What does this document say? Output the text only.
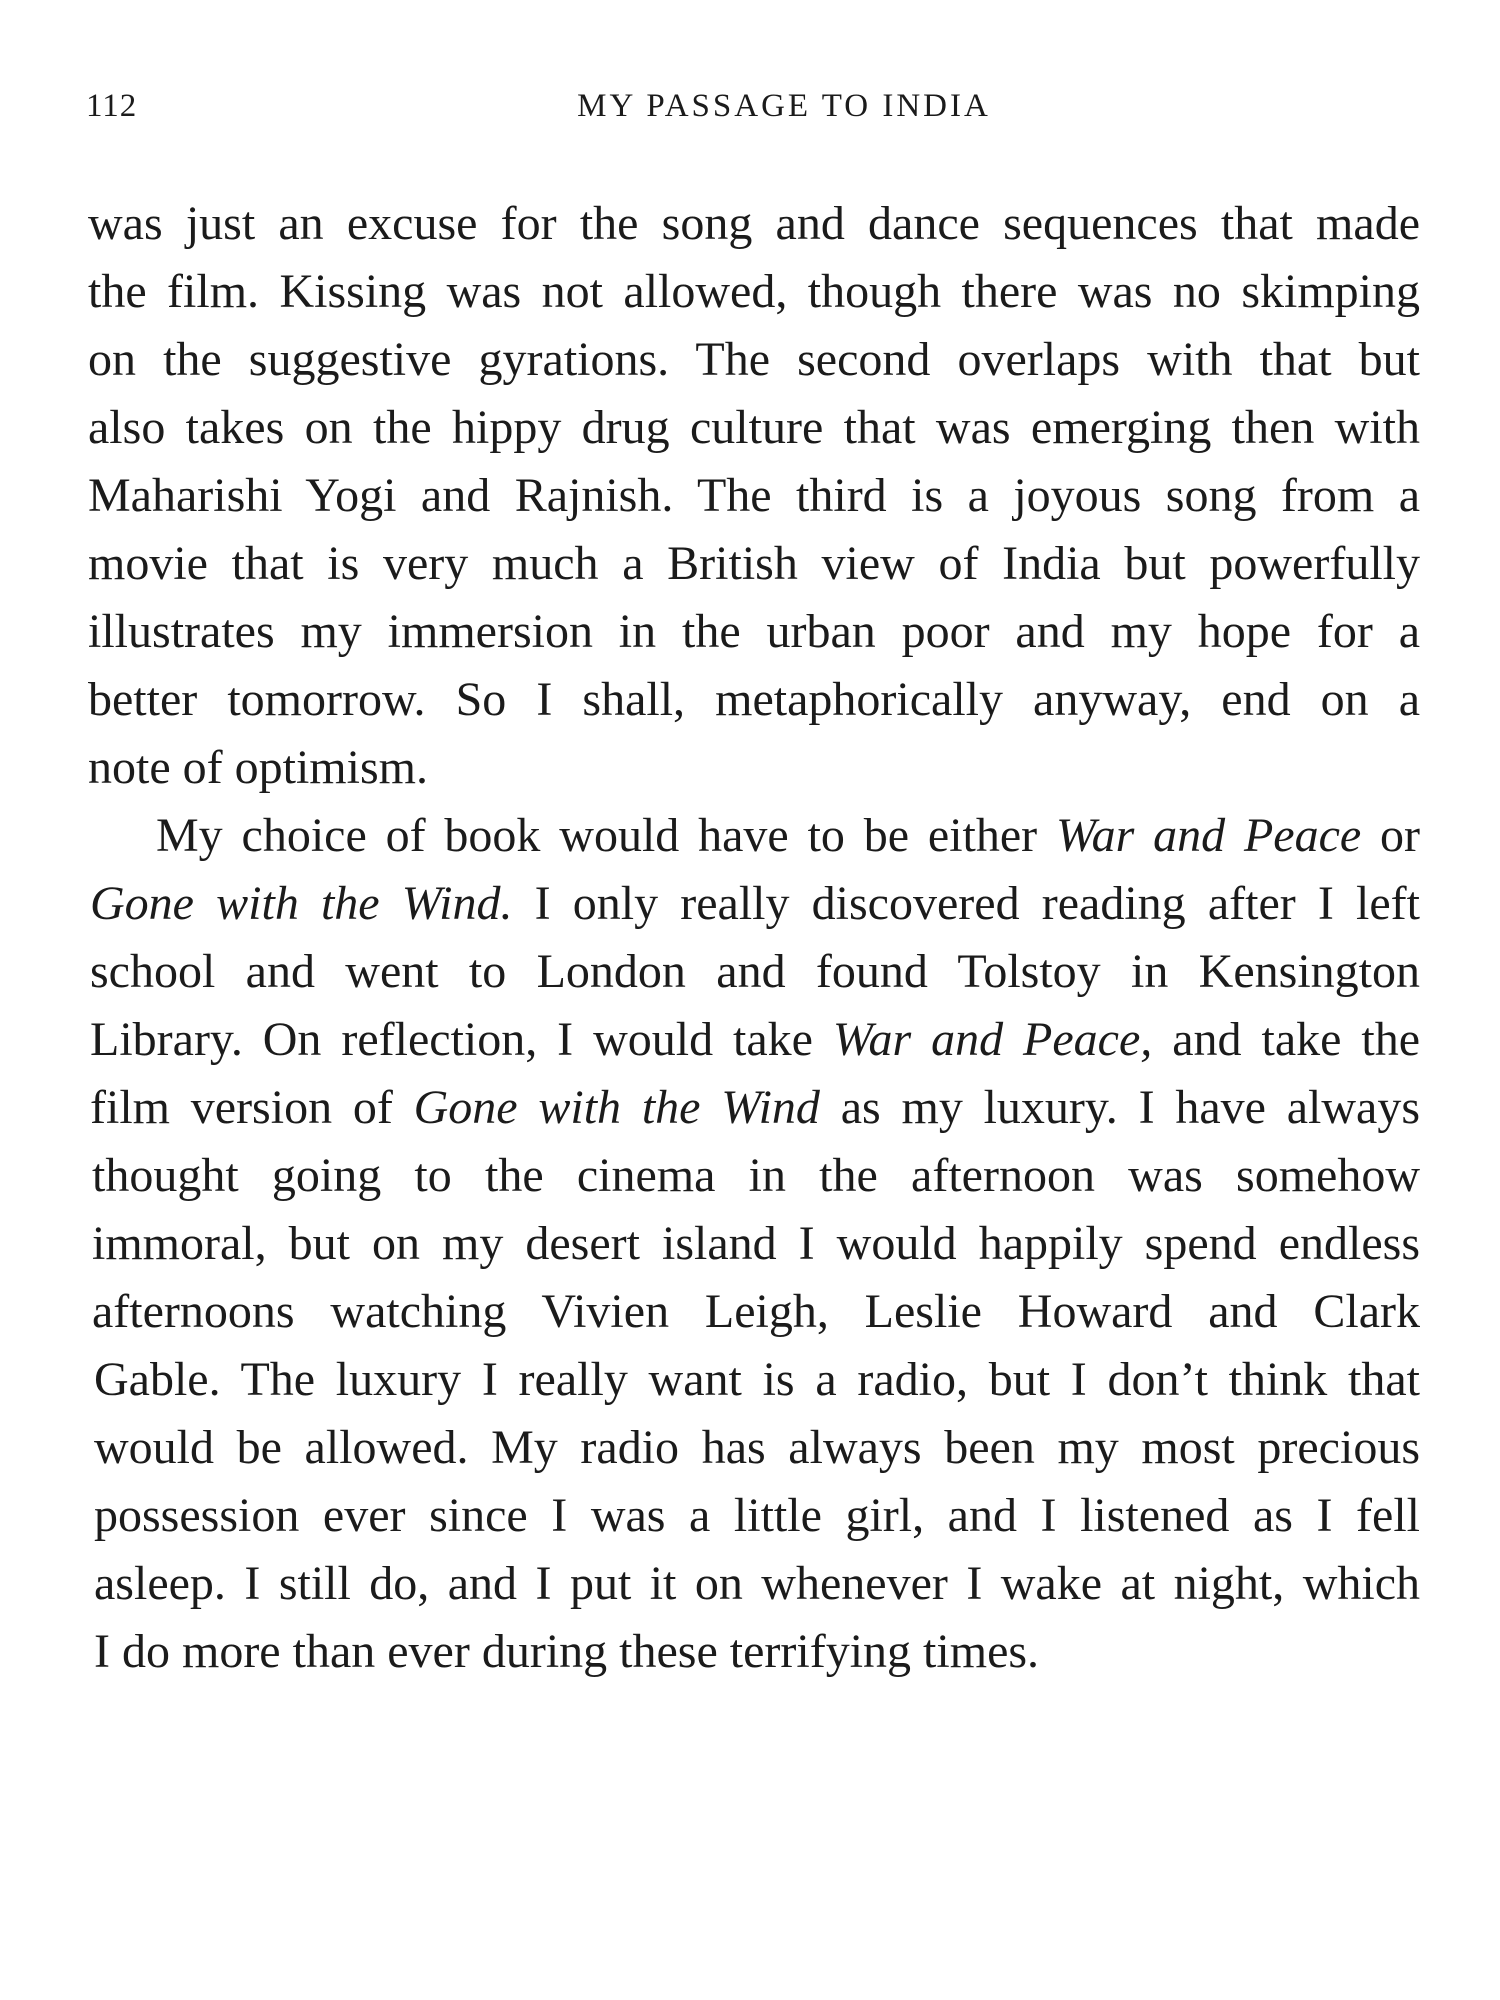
112	MY PASSAGE TO INDIA
was just an excuse for the song and dance sequences that made
the film. Kissing was not allowed, though there was no skimping
on the suggestive gyrations. The second overlaps with that but
also takes on the hippy drug culture that was emerging then with
Maharishi Yogi and Rajnish. The third is a joyous song from a
movie that is very much a British view of India but powerfully
illustrates my immersion in the urban poor and my hope for a
better tomorrow. So I shall, metaphorically anyway, end on a
note of optimism.
My choice of book would have to be either War and Peace or
Gone with the Wind. I only really discovered reading after I left
school and went to London and found Tolstoy in Kensington
Library. On reflection, I would take War and Peace, and take the
film version of Gone with the Wind as my luxury. I have always
thought going to the cinema in the afternoon was somehow
immoral, but on my desert island I would happily spend endless
afternoons watching Vivien Leigh, Leslie Howard and Clark
Gable. The luxury I really want is a radio, but I don’t think that
would be allowed. My radio has always been my most precious
possession ever since I was a little girl, and I listened as I fell
asleep. I still do, and I put it on whenever I wake at night, which
I do more than ever during these terrifying times.
